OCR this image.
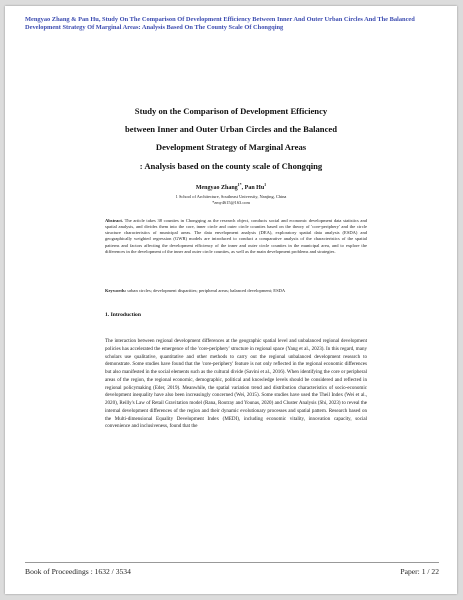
Mengyao Zhang & Pan Hu, Study On The Comparison Of Development Efficiency Between Inner And Outer Urban Circles And The Balanced Development Strategy Of Marginal Areas: Analysis Based On The County Scale Of Chongqing
Study on the Comparison of Development Efficiency
between Inner and Outer Urban Circles and the Balanced
Development Strategy of Marginal Areas
: Analysis based on the county scale of Chongqing
Mengyao Zhang$^{1*}$, Pan Hu$^1$
1 School of Architecture, Southeast University, Nanjing, China
*zmy4615@163.com
Abstract. The article takes 38 counties in Chongqing as the research object, conducts social and economic development data statistics and spatial analysis, and divides them into the core, inner circle and outer circle counties based on the theory of 'core-periphery' and the circle structure characteristics of municipal areas. The data envelopment analysis (DEA), exploratory spatial data analysis (ESDA) and geographically weighted regression (GWR) models are introduced to conduct a comparative analysis of the characteristics of the spatial patterns and factors affecting the development efficiency of the inner and outer circle counties in the municipal area, and to explore the differences in the development of the inner and outer circle counties, as well as the main development problems and strategies.
Keywords: urban circles; development disparities; peripheral areas; balanced development; ESDA
1. Introduction
The interaction between regional development differences at the geographic spatial level and unbalanced regional development policies has accelerated the emergence of the 'core-periphery' structure in regional space (Yang et al., 2023). In this regard, many scholars use qualitative, quantitative and other methods to carry out the regional unbalanced development research to demonstrate. Some studies have found that the 'core-periphery' feature is not only reflected in the regional economic differences but also manifested in the social elements such as the cultural divide (Savini et al., 2016). When identifying the core or peripheral areas of the region, the regional economic, demographic, political and knowledge levels should be considered and reflected in regional policymaking (Eder, 2019). Meanwhile, the spatial variation trend and distribution characteristics of socio-economic development inequality have also been increasingly concerned (Wei, 2015). Some studies have used the Theil Index (Wei et al., 2020), Reilly's Law of Retail Gravitation model (Rana, Routray and Younas, 2020) and Cluster Analysis (Shi, 2023) to reveal the internal development differences of the region and their dynamic evolutionary processes and spatial pattern. Research based on the Multi-dimensional Equality Development Index (MEDI), including economic vitality, innovation capacity, social convenience and inclusiveness, found that the
Book of Proceedings : 1632 / 3534	Paper: 1 / 22
